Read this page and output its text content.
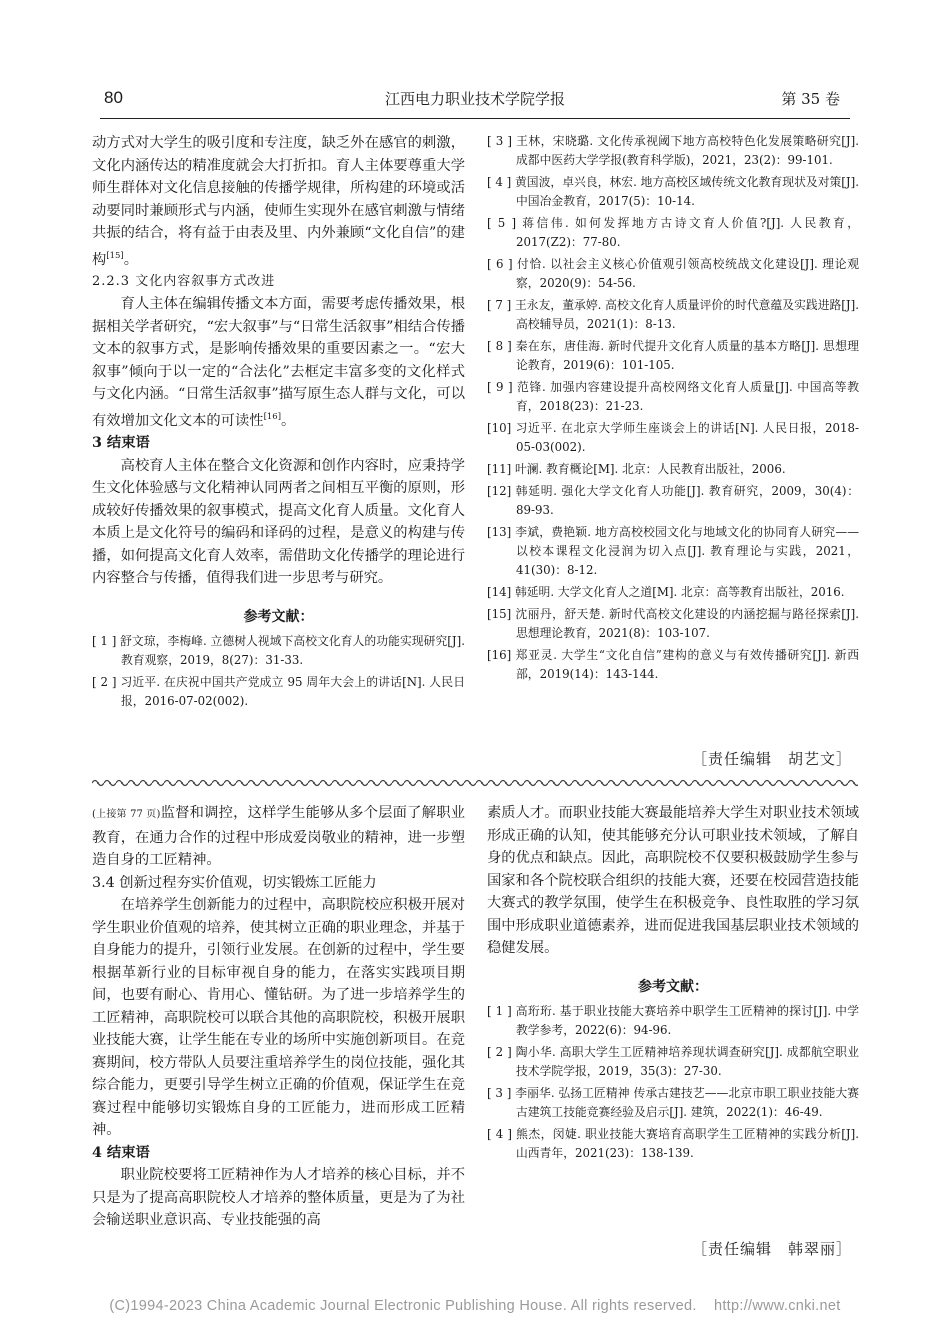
80	江西电力职业技术学院学报	第 35 卷

动方式对大学生的吸引度和专注度，缺乏外在感官的刺激，文化内涵传达的精准度就会大打折扣。育人主体要尊重大学师生群体对文化信息接触的传播学规律，所构建的环境或活动要同时兼顾形式与内涵，使师生实现外在感官刺激与情绪共振的结合，将有益于由表及里、内外兼顾“文化自信”的建构[15]。

2.2.3 文化内容叙事方式改进

育人主体在编辑传播文本方面，需要考虑传播效果，根据相关学者研究，“宏大叙事”与“日常生活叙事”相结合传播文本的叙事方式，是影响传播效果的重要因素之一。“宏大叙事”倾向于以一定的“合法化”去框定丰富多变的文化样式与文化内涵。“日常生活叙事”描写原生态人群与文化，可以有效增加文化文本的可读性[16]。

3 结束语

高校育人主体在整合文化资源和创作内容时，应秉持学生文化体验感与文化精神认同两者之间相互平衡的原则，形成较好传播效果的叙事模式，提高文化育人质量。文化育人本质上是文化符号的编码和译码的过程，是意义的构建与传播，如何提高文化育人效率，需借助文化传播学的理论进行内容整合与传播，值得我们进一步思考与研究。

参考文献：

[ 1 ] 舒文琼，李梅峰. 立德树人视域下高校文化育人的功能实现研究[J]. 教育观察，2019，8(27)：31-33.

[ 2 ] 习近平. 在庆祝中国共产党成立 95 周年大会上的讲话[N]. 人民日报，2016-07-02(002).

[ 3 ] 王林，宋晓璐. 文化传承视阈下地方高校特色化发展策略研究[J]. 成都中医药大学学报(教育科学版)，2021，23(2)：99-101.

[ 4 ] 黄国波，卓兴良，林宏. 地方高校区域传统文化教育现状及对策[J]. 中国冶金教育，2017(5)：10-14.

[ 5 ] 蒋信伟. 如何发挥地方古诗文育人价值?[J]. 人民教育，2017(Z2)：77-80.

[ 6 ] 付恰. 以社会主义核心价值观引领高校统战文化建设[J]. 理论观察，2020(9)：54-56.

[ 7 ] 王永友，董承婷. 高校文化育人质量评价的时代意蕴及实践进路[J]. 高校辅导员，2021(1)：8-13.

[ 8 ] 秦在东，唐佳海. 新时代提升文化育人质量的基本方略[J]. 思想理论教育，2019(6)：101-105.

[ 9 ] 范锋. 加强内容建设提升高校网络文化育人质量[J]. 中国高等教育，2018(23)：21-23.

[10] 习近平. 在北京大学师生座谈会上的讲话[N]. 人民日报，2018-05-03(002).

[11] 叶澜. 教育概论[M]. 北京：人民教育出版社，2006.

[12] 韩延明. 强化大学文化育人功能[J]. 教育研究，2009，30(4)：89-93.

[13] 李斌，费艳颖. 地方高校校园文化与地域文化的协同育人研究——以校本课程文化浸润为切入点[J]. 教育理论与实践，2021，41(30)：8-12.

[14] 韩延明. 大学文化育人之道[M]. 北京：高等教育出版社，2016.

[15] 沈丽丹，舒天楚. 新时代高校文化建设的内涵挖掘与路径探索[J]. 思想理论教育，2021(8)：103-107.

[16] 郑亚灵. 大学生“文化自信”建构的意义与有效传播研究[J]. 新西部，2019(14)：143-144.

［责任编辑　胡艺文］

(上接第 77 页)监督和调控，这样学生能够从多个层面了解职业教育，在通力合作的过程中形成爱岗敬业的精神，进一步塑造自身的工匠精神。

3.4 创新过程夯实价值观，切实锻炼工匠能力

在培养学生创新能力的过程中，高职院校应积极开展对学生职业价值观的培养，使其树立正确的职业理念，并基于自身能力的提升，引领行业发展。在创新的过程中，学生要根据革新行业的目标审视自身的能力，在落实实践项目期间，也要有耐心、肯用心、懂钻研。为了进一步培养学生的工匠精神，高职院校可以联合其他的高职院校，积极开展职业技能大赛，让学生能在专业的场所中实施创新项目。在竞赛期间，校方带队人员要注重培养学生的岗位技能，强化其综合能力，更要引导学生树立正确的价值观，保证学生在竞赛过程中能够切实锻炼自身的工匠能力，进而形成工匠精神。

4 结束语

职业院校要将工匠精神作为人才培养的核心目标，并不只是为了提高高职院校人才培养的整体质量，更是为了为社会输送职业意识高、专业技能强的高

素质人才。而职业技能大赛最能培养大学生对职业技术领域形成正确的认知，使其能够充分认可职业技术领域，了解自身的优点和缺点。因此，高职院校不仅要积极鼓励学生参与国家和各个院校联合组织的技能大赛，还要在校园营造技能大赛式的教学氛围，使学生在积极竞争、良性取胜的学习氛围中形成职业道德素养，进而促进我国基层职业技术领域的稳健发展。

参考文献：

[ 1 ] 高珩珩. 基于职业技能大赛培养中职学生工匠精神的探讨[J]. 中学教学参考，2022(6)：94-96.

[ 2 ] 陶小华. 高职大学生工匠精神培养现状调查研究[J]. 成都航空职业技术学院学报，2019，35(3)：27-30.

[ 3 ] 李丽华. 弘扬工匠精神 传承古建技艺——北京市职工职业技能大赛古建筑工技能竞赛经验及启示[J]. 建筑，2022(1)：46-49.

[ 4 ] 熊杰，闵婕. 职业技能大赛培育高职学生工匠精神的实践分析[J]. 山西青年，2021(23)：138-139.

［责任编辑　韩翠丽］
(C)1994-2023 China Academic Journal Electronic Publishing House. All rights reserved.    http://www.cnki.net
